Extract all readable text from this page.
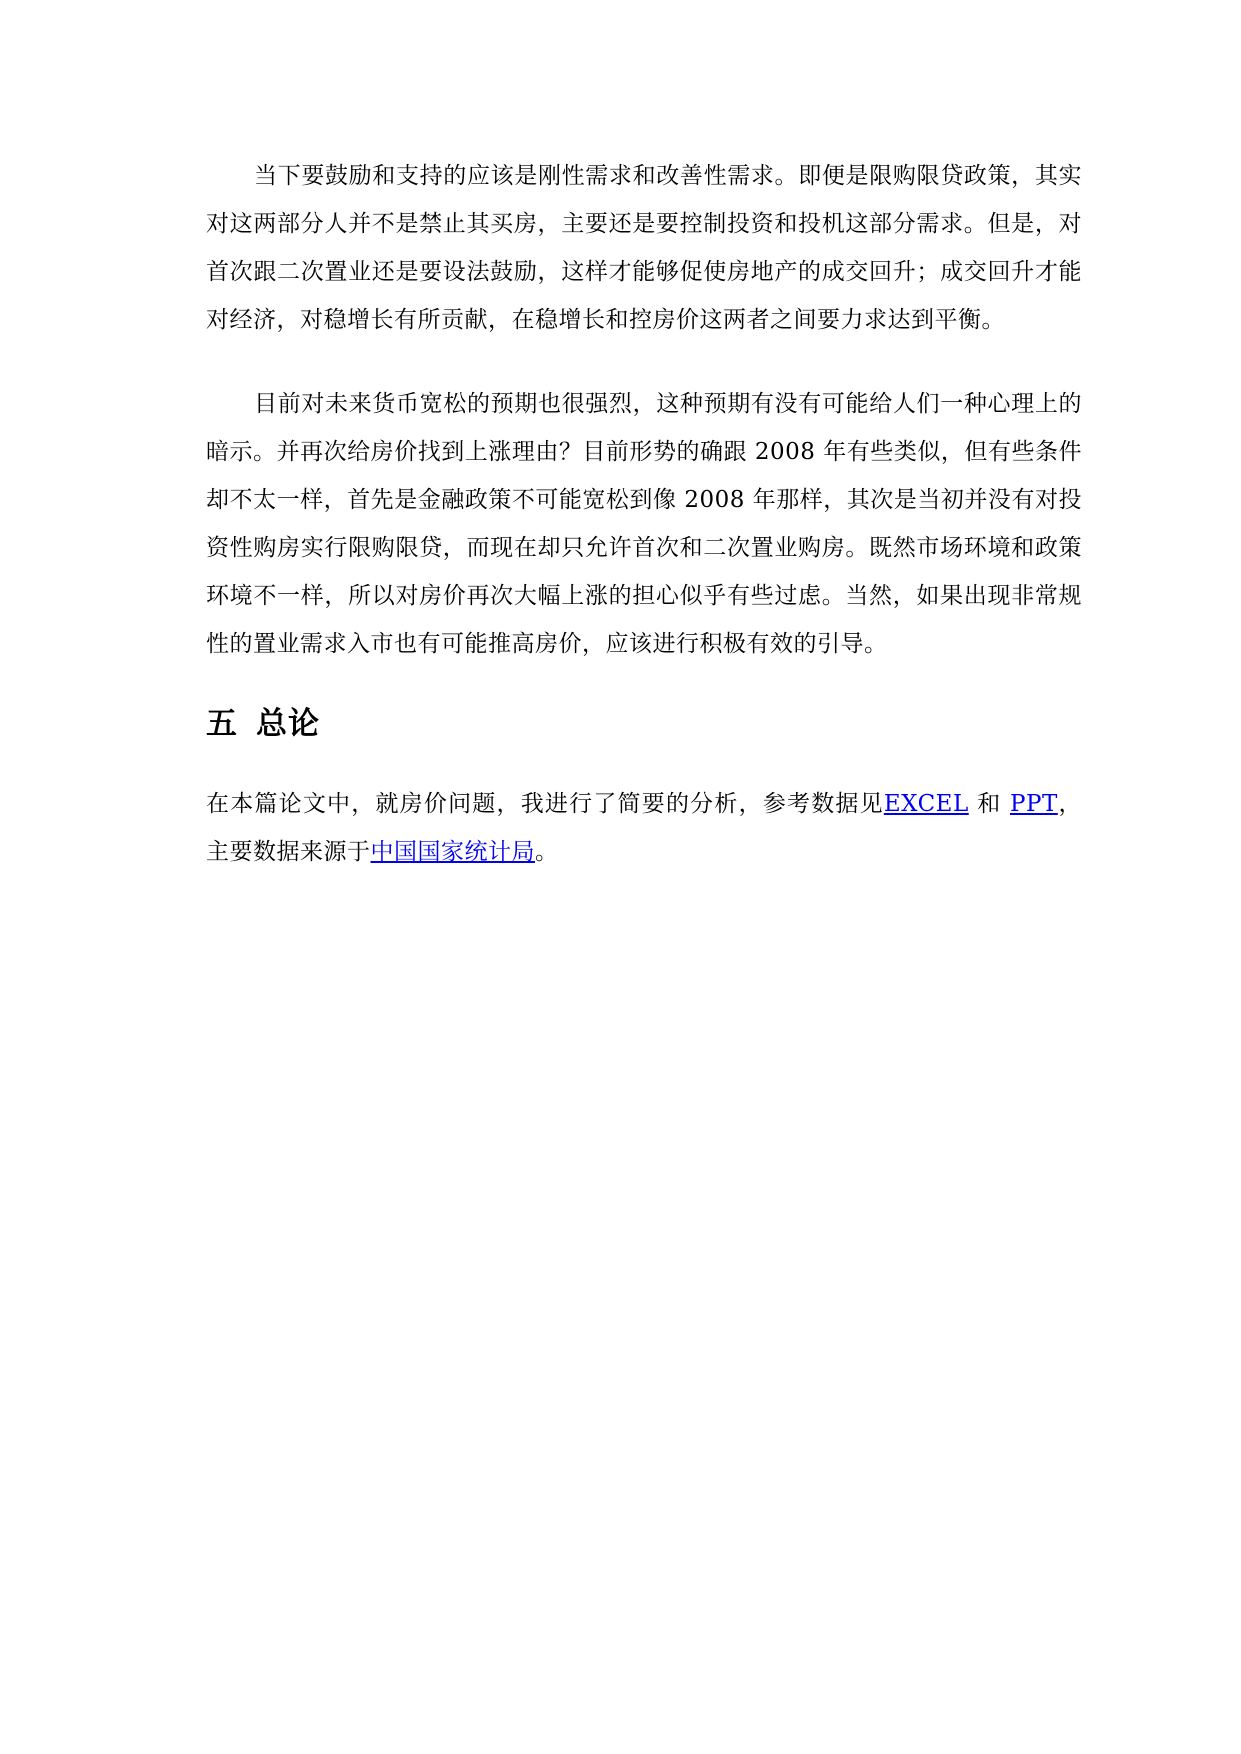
当下要鼓励和支持的应该是刚性需求和改善性需求。即便是限购限贷政策，其实对这两部分人并不是禁止其买房，主要还是要控制投资和投机这部分需求。但是，对首次跟二次置业还是要设法鼓励，这样才能够促使房地产的成交回升；成交回升才能对经济，对稳增长有所贡献，在稳增长和控房价这两者之间要力求达到平衡。

目前对未来货币宽松的预期也很强烈，这种预期有没有可能给人们一种心理上的暗示。并再次给房价找到上涨理由？目前形势的确跟 2008 年有些类似，但有些条件却不太一样，首先是金融政策不可能宽松到像 2008 年那样，其次是当初并没有对投资性购房实行限购限贷，而现在却只允许首次和二次置业购房。既然市场环境和政策环境不一样，所以对房价再次大幅上涨的担心似乎有些过虑。当然，如果出现非常规性的置业需求入市也有可能推高房价，应该进行积极有效的引导。

五 总论

在本篇论文中，就房价问题，我进行了简要的分析，参考数据见EXCEL 和 PPT，主要数据来源于中国国家统计局。
